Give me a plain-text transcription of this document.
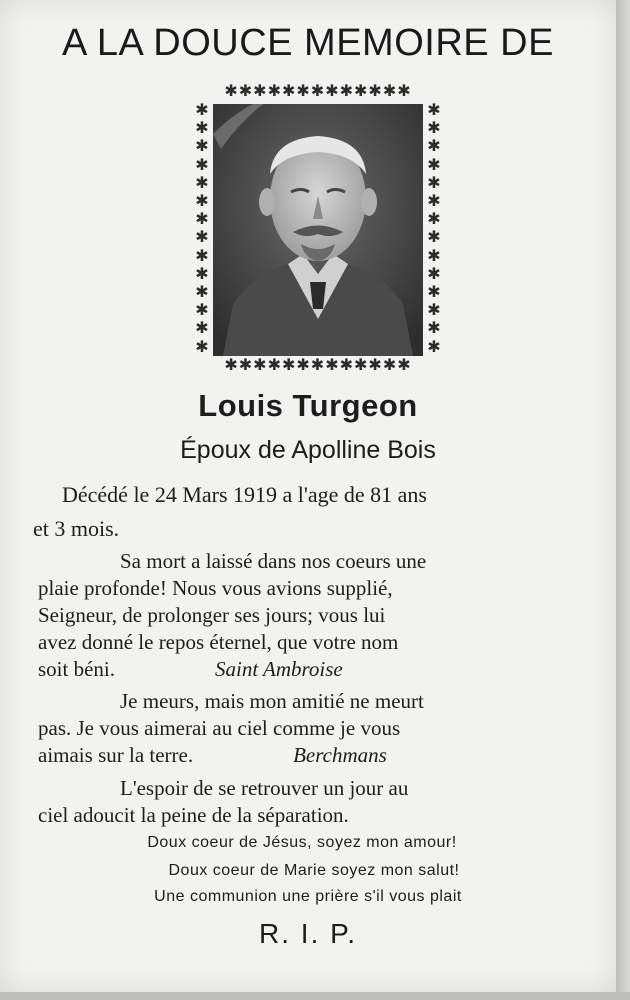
A LA DOUCE MEMOIRE DE
✱✱✱✱✱✱✱✱✱✱✱✱✱
✱
✱
✱
✱
✱
✱
✱
✱
✱
✱
✱
✱
✱
✱
✱
✱
✱
✱
✱
✱
✱
✱
✱
✱
✱
✱
✱
✱
✱✱✱✱✱✱✱✱✱✱✱✱✱
Louis Turgeon
Époux de Apolline Bois
Décédé le 24 Mars 1919 a l'age de 81 ans
et 3 mois.
Sa mort a laissé dans nos coeurs une
plaie profonde! Nous vous avions supplié,
Seigneur, de prolonger ses jours; vous lui
avez donné le repos éternel, que votre nom
soit béni.	Saint Ambroise
Je meurs, mais mon amitié ne meurt
pas. Je vous aimerai au ciel comme je vous
aimais sur la terre.	Berchmans
L'espoir de se retrouver un jour au
ciel adoucit la peine de la séparation.
Doux coeur de Jésus, soyez mon amour!
Doux coeur de Marie soyez mon salut!
Une communion une prière s'il vous plait
R. I. P.
